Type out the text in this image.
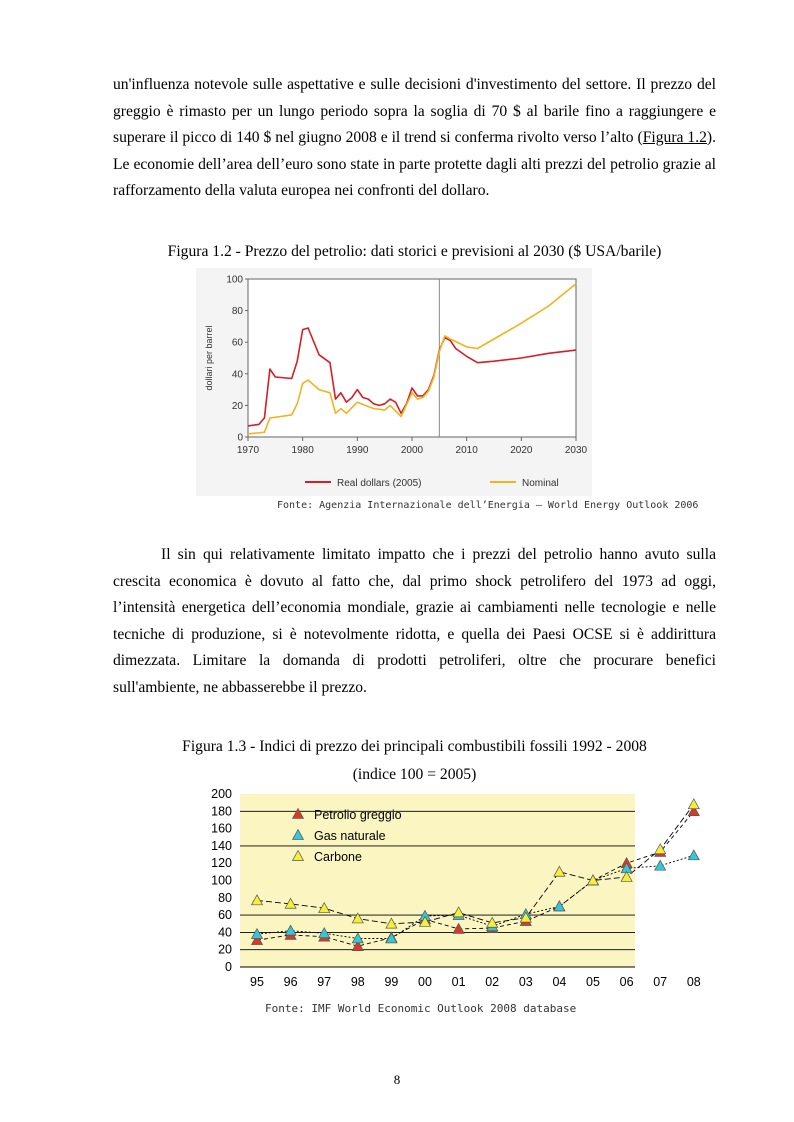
un'influenza notevole sulle aspettative e sulle decisioni d'investimento del settore. Il prezzo del greggio è rimasto per un lungo periodo sopra la soglia di 70 $ al barile fino a raggiungere e superare il picco di 140 $ nel giugno 2008 e il trend si conferma rivolto verso l’alto (Figura 1.2). Le economie dell’area dell’euro sono state in parte protette dagli alti prezzi del petrolio grazie al rafforzamento della valuta europea nei confronti del dollaro.

Figura 1.2 - Prezzo del petrolio: dati storici e previsioni al 2030 ($ USA/barile)

0
20
40
60
80
100
1970	1980	1990	2000	2010	2020	2030
dollari per barrel
Real dollars (2005)	Nominal
Fonte: Agenzia Internazionale dell’Energia – World Energy Outlook 2006

Il sin qui relativamente limitato impatto che i prezzi del petrolio hanno avuto sulla crescita economica è dovuto al fatto che, dal primo shock petrolifero del 1973 ad oggi, l’intensità energetica dell’economia mondiale, grazie ai cambiamenti nelle tecnologie e nelle tecniche di produzione, si è notevolmente ridotta, e quella dei Paesi OCSE si è addirittura dimezzata. Limitare la domanda di prodotti petroliferi, oltre che procurare benefici sull'ambiente, ne abbasserebbe il prezzo.

Figura 1.3 - Indici di prezzo dei principali combustibili fossili 1992 - 2008

(indice 100 = 2005)

0
20
40
60
80
100
120
140
160
180
200
95 96 97 98 99 00 01 02 03 04 05 06 07 08
Petrolio greggio
Gas naturale
Carbone
Fonte: IMF World Economic Outlook 2008 database
8
